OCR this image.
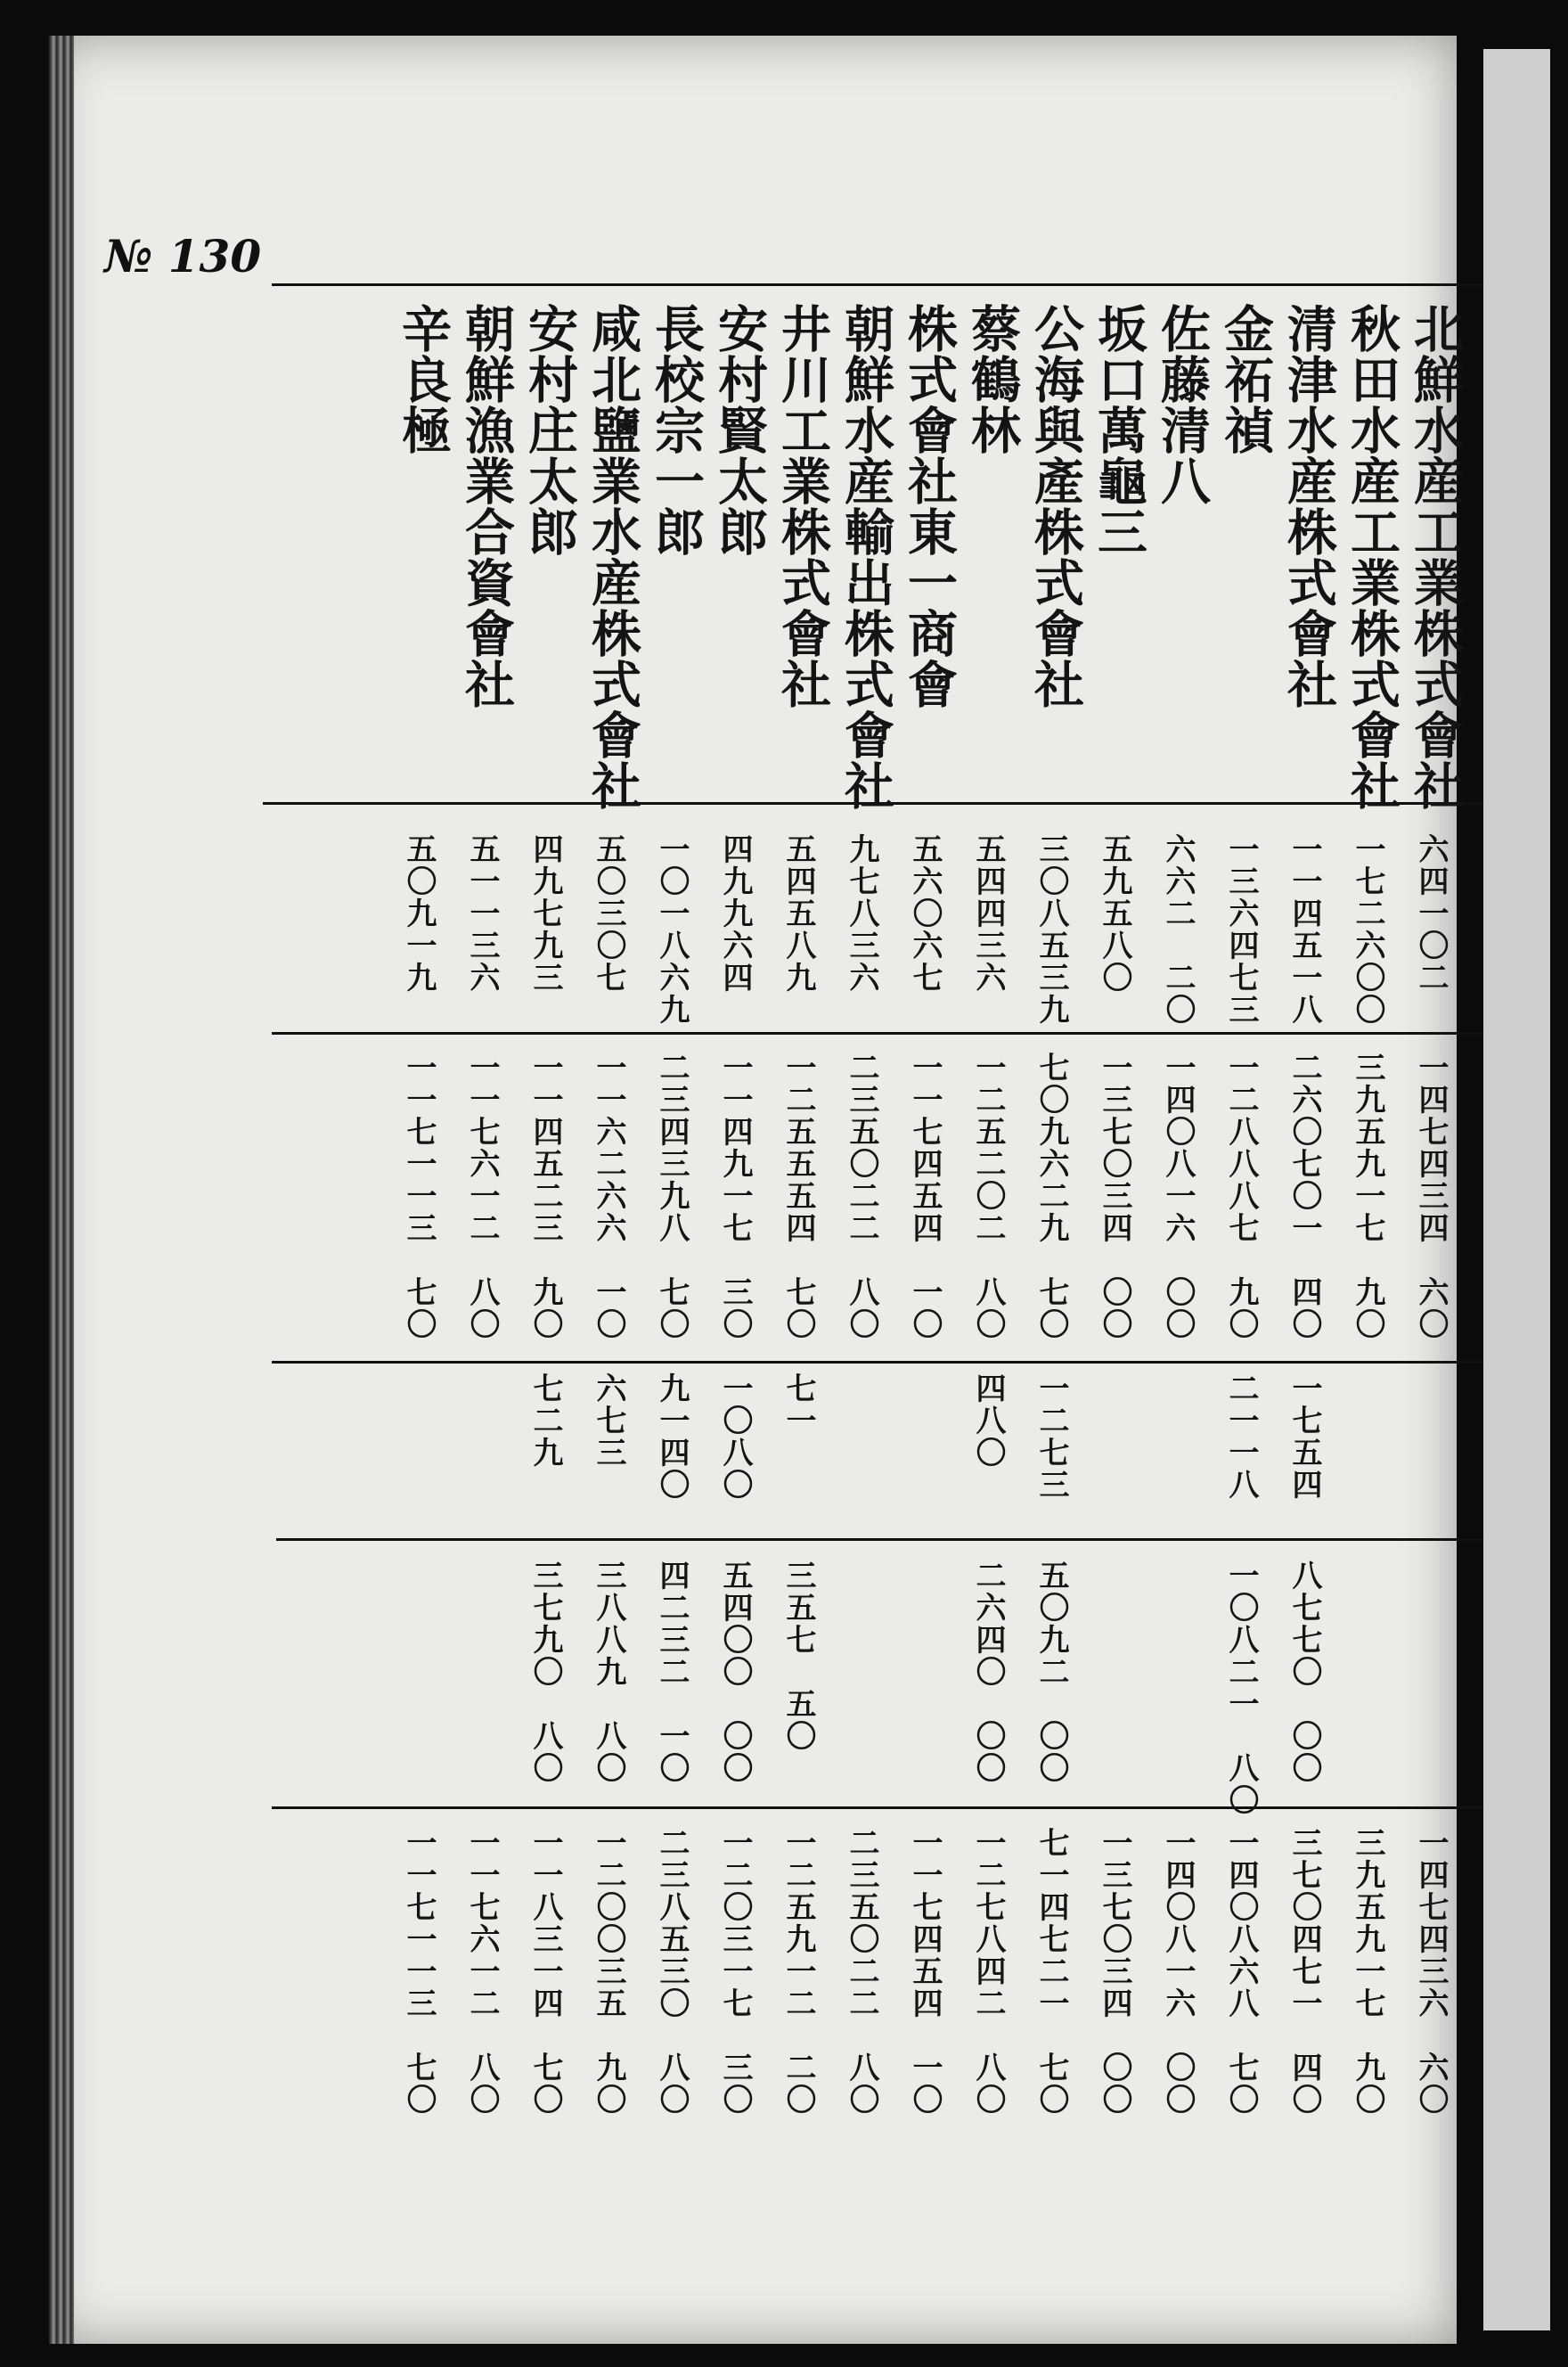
№ 130
北鮮水産工業株式會社
六四一〇二
一四七四三四　六〇
一四七四三六　六〇
秋田水産工業株式會社
一七二六〇〇
三九五九一七　九〇
三九五九一七　九〇
清津水産株式會社
一一四五一八
二六〇七〇一　四〇
一七五四
八七七〇　〇〇
三七〇四七一　四〇
金祏禎
一三六四七三
一二八八八七　九〇
二一一八
一〇八二一　八〇
一四〇八六八　七〇
佐藤清八
六六二　二〇
一四〇八一六　〇〇
一四〇八一六　〇〇
坂口萬龜三
五九五八〇
一三七〇三四　〇〇
一三七〇三四　〇〇
公海與產株式會社
三〇八五三九
七〇九六二九　七〇
一二七三
五〇九二　〇〇
七一四七二一　七〇
蔡鶴林
五四四三六
一二五二〇二　八〇
四八〇
二六四〇　〇〇
一二七八四二　八〇
株式會社東一商會
五六〇六七
一一七四五四　一〇
一一七四五四　一〇
朝鮮水産輸出株式會社
九七八三六
二三五〇二二　八〇
二三五〇二二　八〇
井川工業株式會社
五四五八九
一二五五五四　七〇
七一
三五七　五〇
一二五九一二　二〇
安村賢太郎
四九九六四
一一四九一七　三〇
一〇八〇
五四〇〇　〇〇
一二〇三一七　三〇
長校宗一郎
一〇一八六九
二三四三九八　七〇
九一四〇
四二三二　一〇
二三八五三〇　八〇
咸北鹽業水産株式會社
五〇三〇七
一一六二六六　一〇
六七三
三八八九　八〇
一二〇〇三五　九〇
安村庄太郎
四九七九三
一一四五二三　九〇
七二九
三七九〇　八〇
一一八三一四　七〇
朝鮮漁業合資會社
五一一三六
一一七六一二　八〇
一一七六一二　八〇
辛良極
五〇九一九
一一七一一三　七〇
一一七一一三　七〇
